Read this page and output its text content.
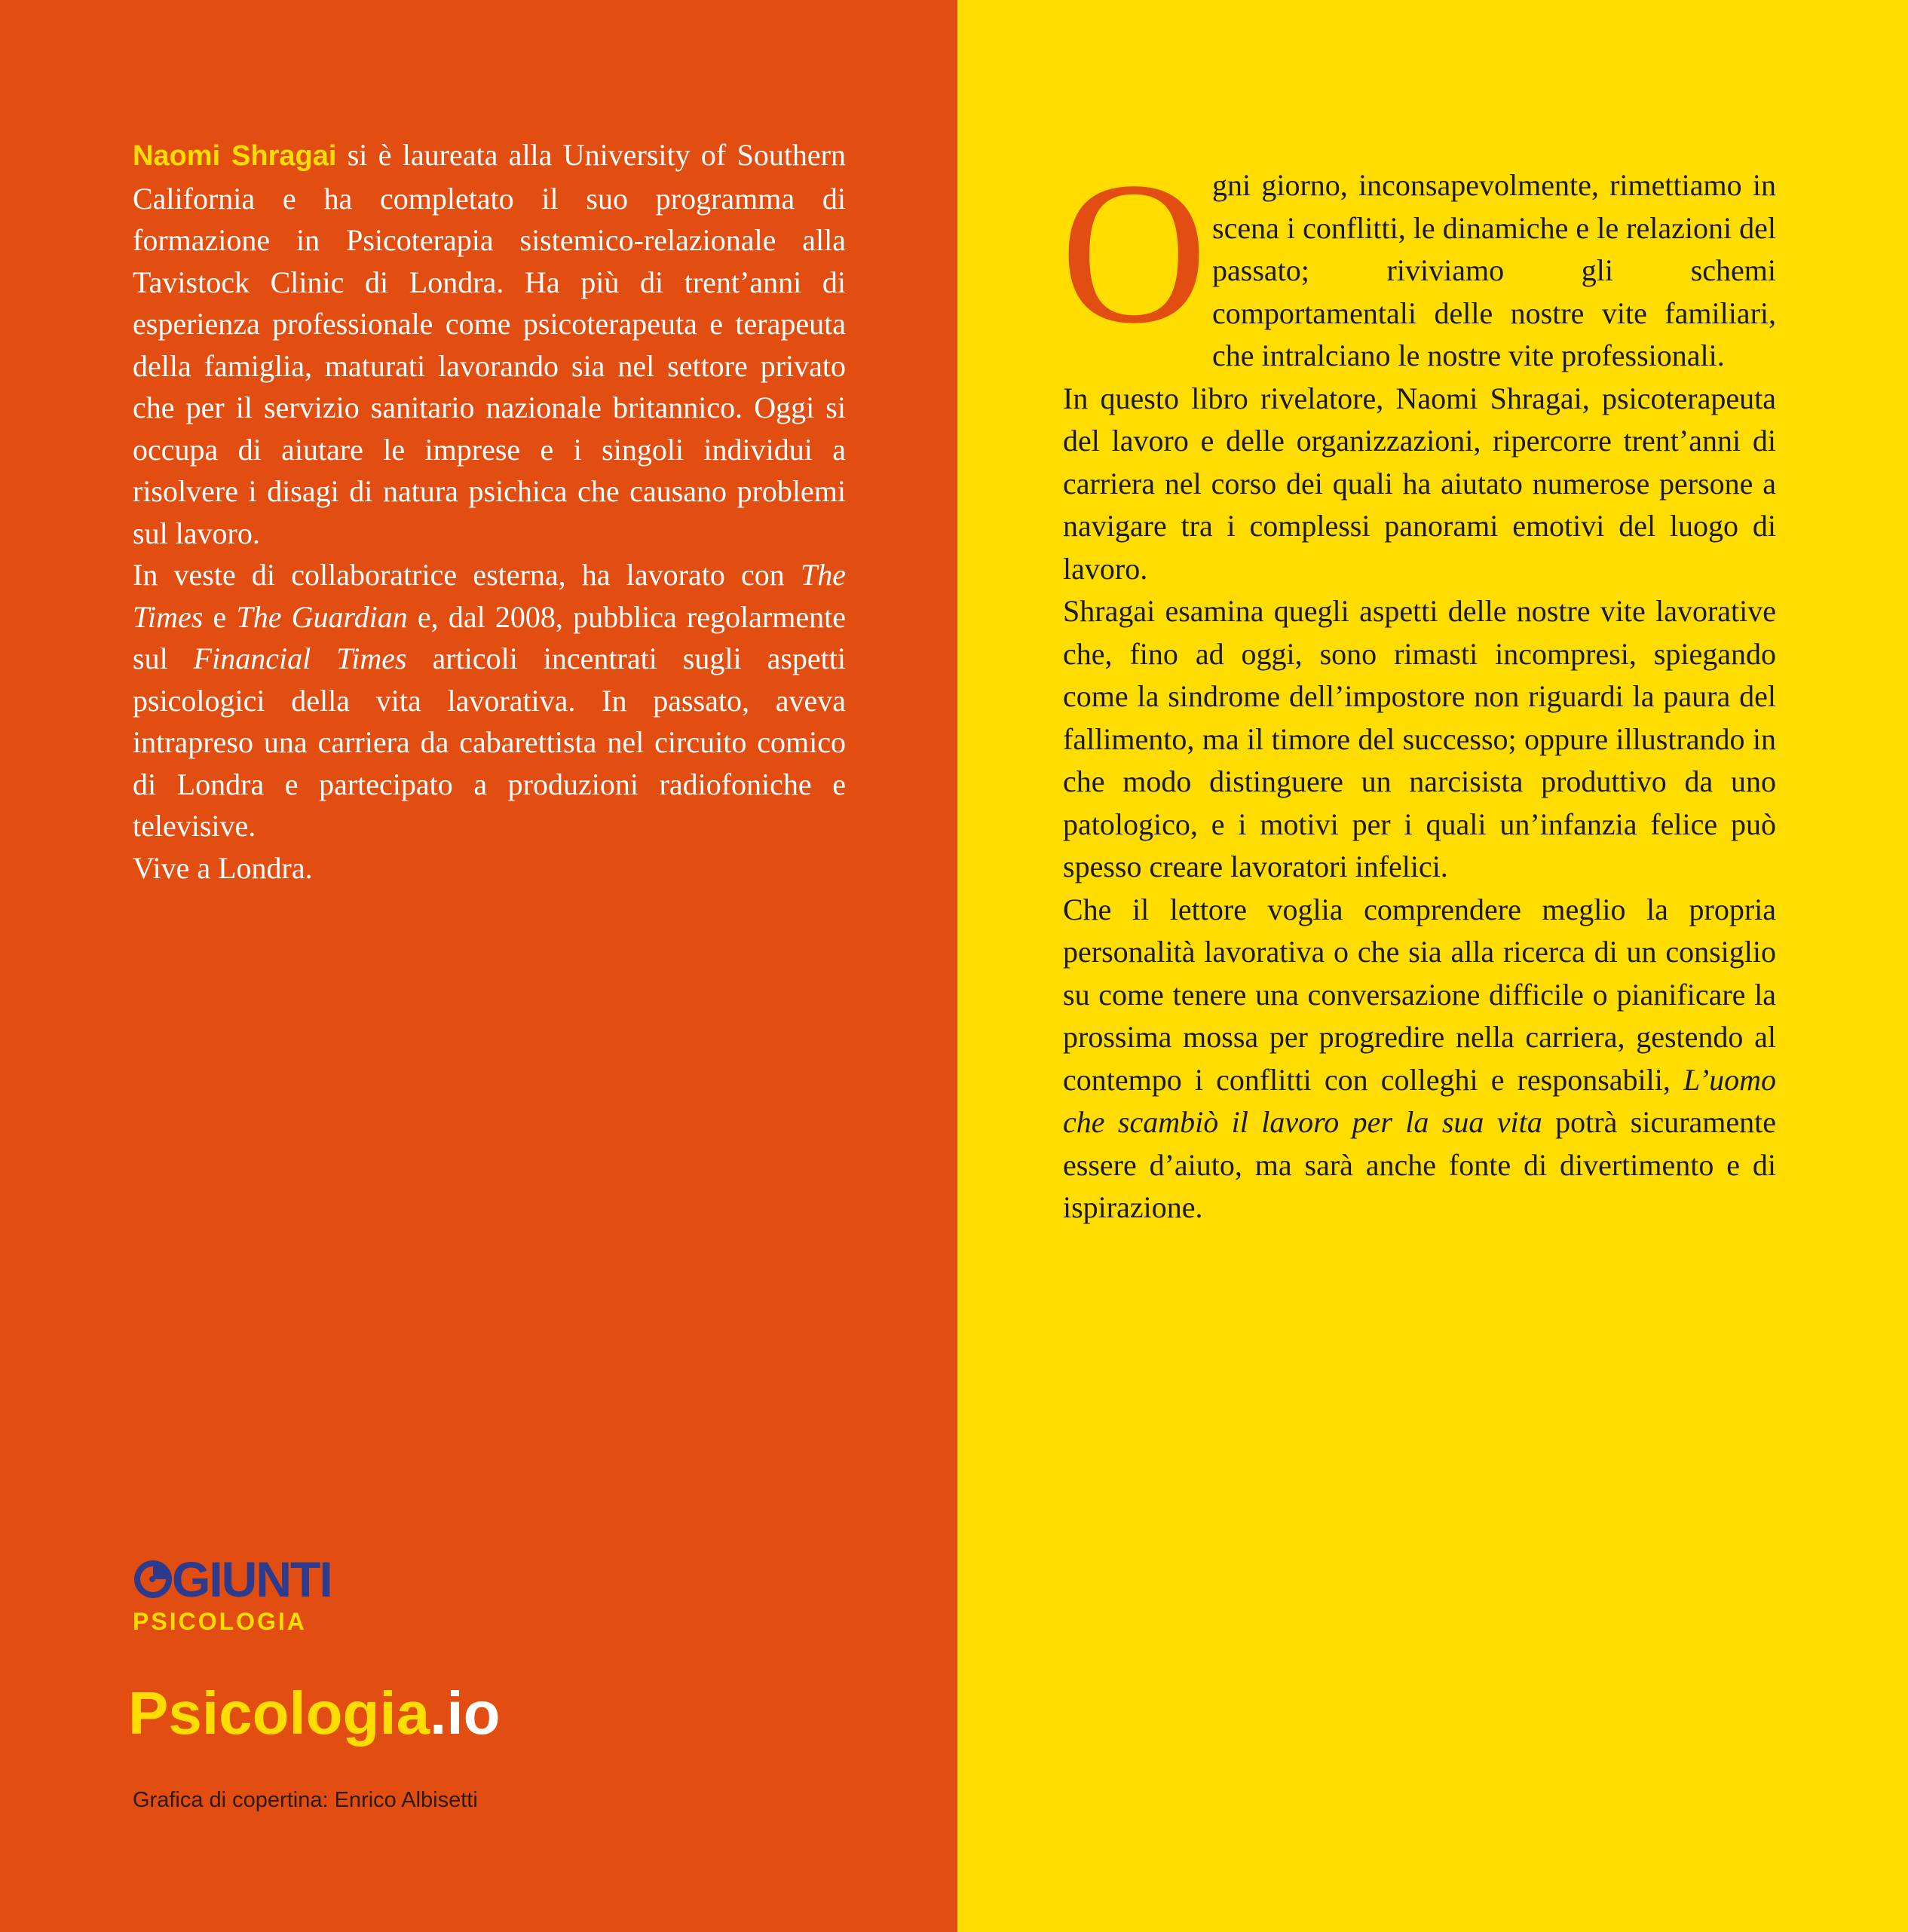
Naomi Shragai si è laureata alla University of Southern California e ha completato il suo programma di formazione in Psicoterapia sistemico-relazionale alla Tavistock Clinic di Londra. Ha più di trent’anni di esperienza professionale come psicoterapeuta e terapeuta della famiglia, maturati lavorando sia nel settore privato che per il servizio sanitario nazionale britannico. Oggi si occupa di aiutare le imprese e i singoli individui a risolvere i disagi di natura psichica che causano problemi sul lavoro.

In veste di collaboratrice esterna, ha lavorato con The Times e The Guardian e, dal 2008, pubblica regolarmente sul Financial Times articoli incentrati sugli aspetti psicologici della vita lavorativa. In passato, aveva intrapreso una carriera da cabarettista nel circuito comico di Londra e partecipato a produzioni radiofoniche e televisive.

Vive a Londra.

GIUNTI
PSICOLOGIA
Psicologia.io
Grafica di copertina: Enrico Albisetti

O gni giorno, inconsapevolmente, rimettiamo in scena i conflitti, le dinamiche e le relazioni del passato; riviviamo gli schemi comportamentali delle nostre vite familiari, che intralciano le nostre vite professionali.

In questo libro rivelatore, Naomi Shragai, psicoterapeuta del lavoro e delle organizzazioni, ripercorre trent’anni di carriera nel corso dei quali ha aiutato numerose persone a navigare tra i complessi panorami emotivi del luogo di lavoro.

Shragai esamina quegli aspetti delle nostre vite lavorative che, fino ad oggi, sono rimasti incompresi, spiegando come la sindrome dell’impostore non riguardi la paura del fallimento, ma il timore del successo; oppure illustrando in che modo distinguere un narcisista produttivo da uno patologico, e i motivi per i quali un’infanzia felice può spesso creare lavoratori infelici.

Che il lettore voglia comprendere meglio la propria personalità lavorativa o che sia alla ricerca di un consiglio su come tenere una conversazione difficile o pianificare la prossima mossa per progredire nella carriera, gestendo al contempo i conflitti con colleghi e responsabili, L’uomo che scambiò il lavoro per la sua vita potrà sicuramente essere d’aiuto, ma sarà anche fonte di divertimento e di ispirazione.
